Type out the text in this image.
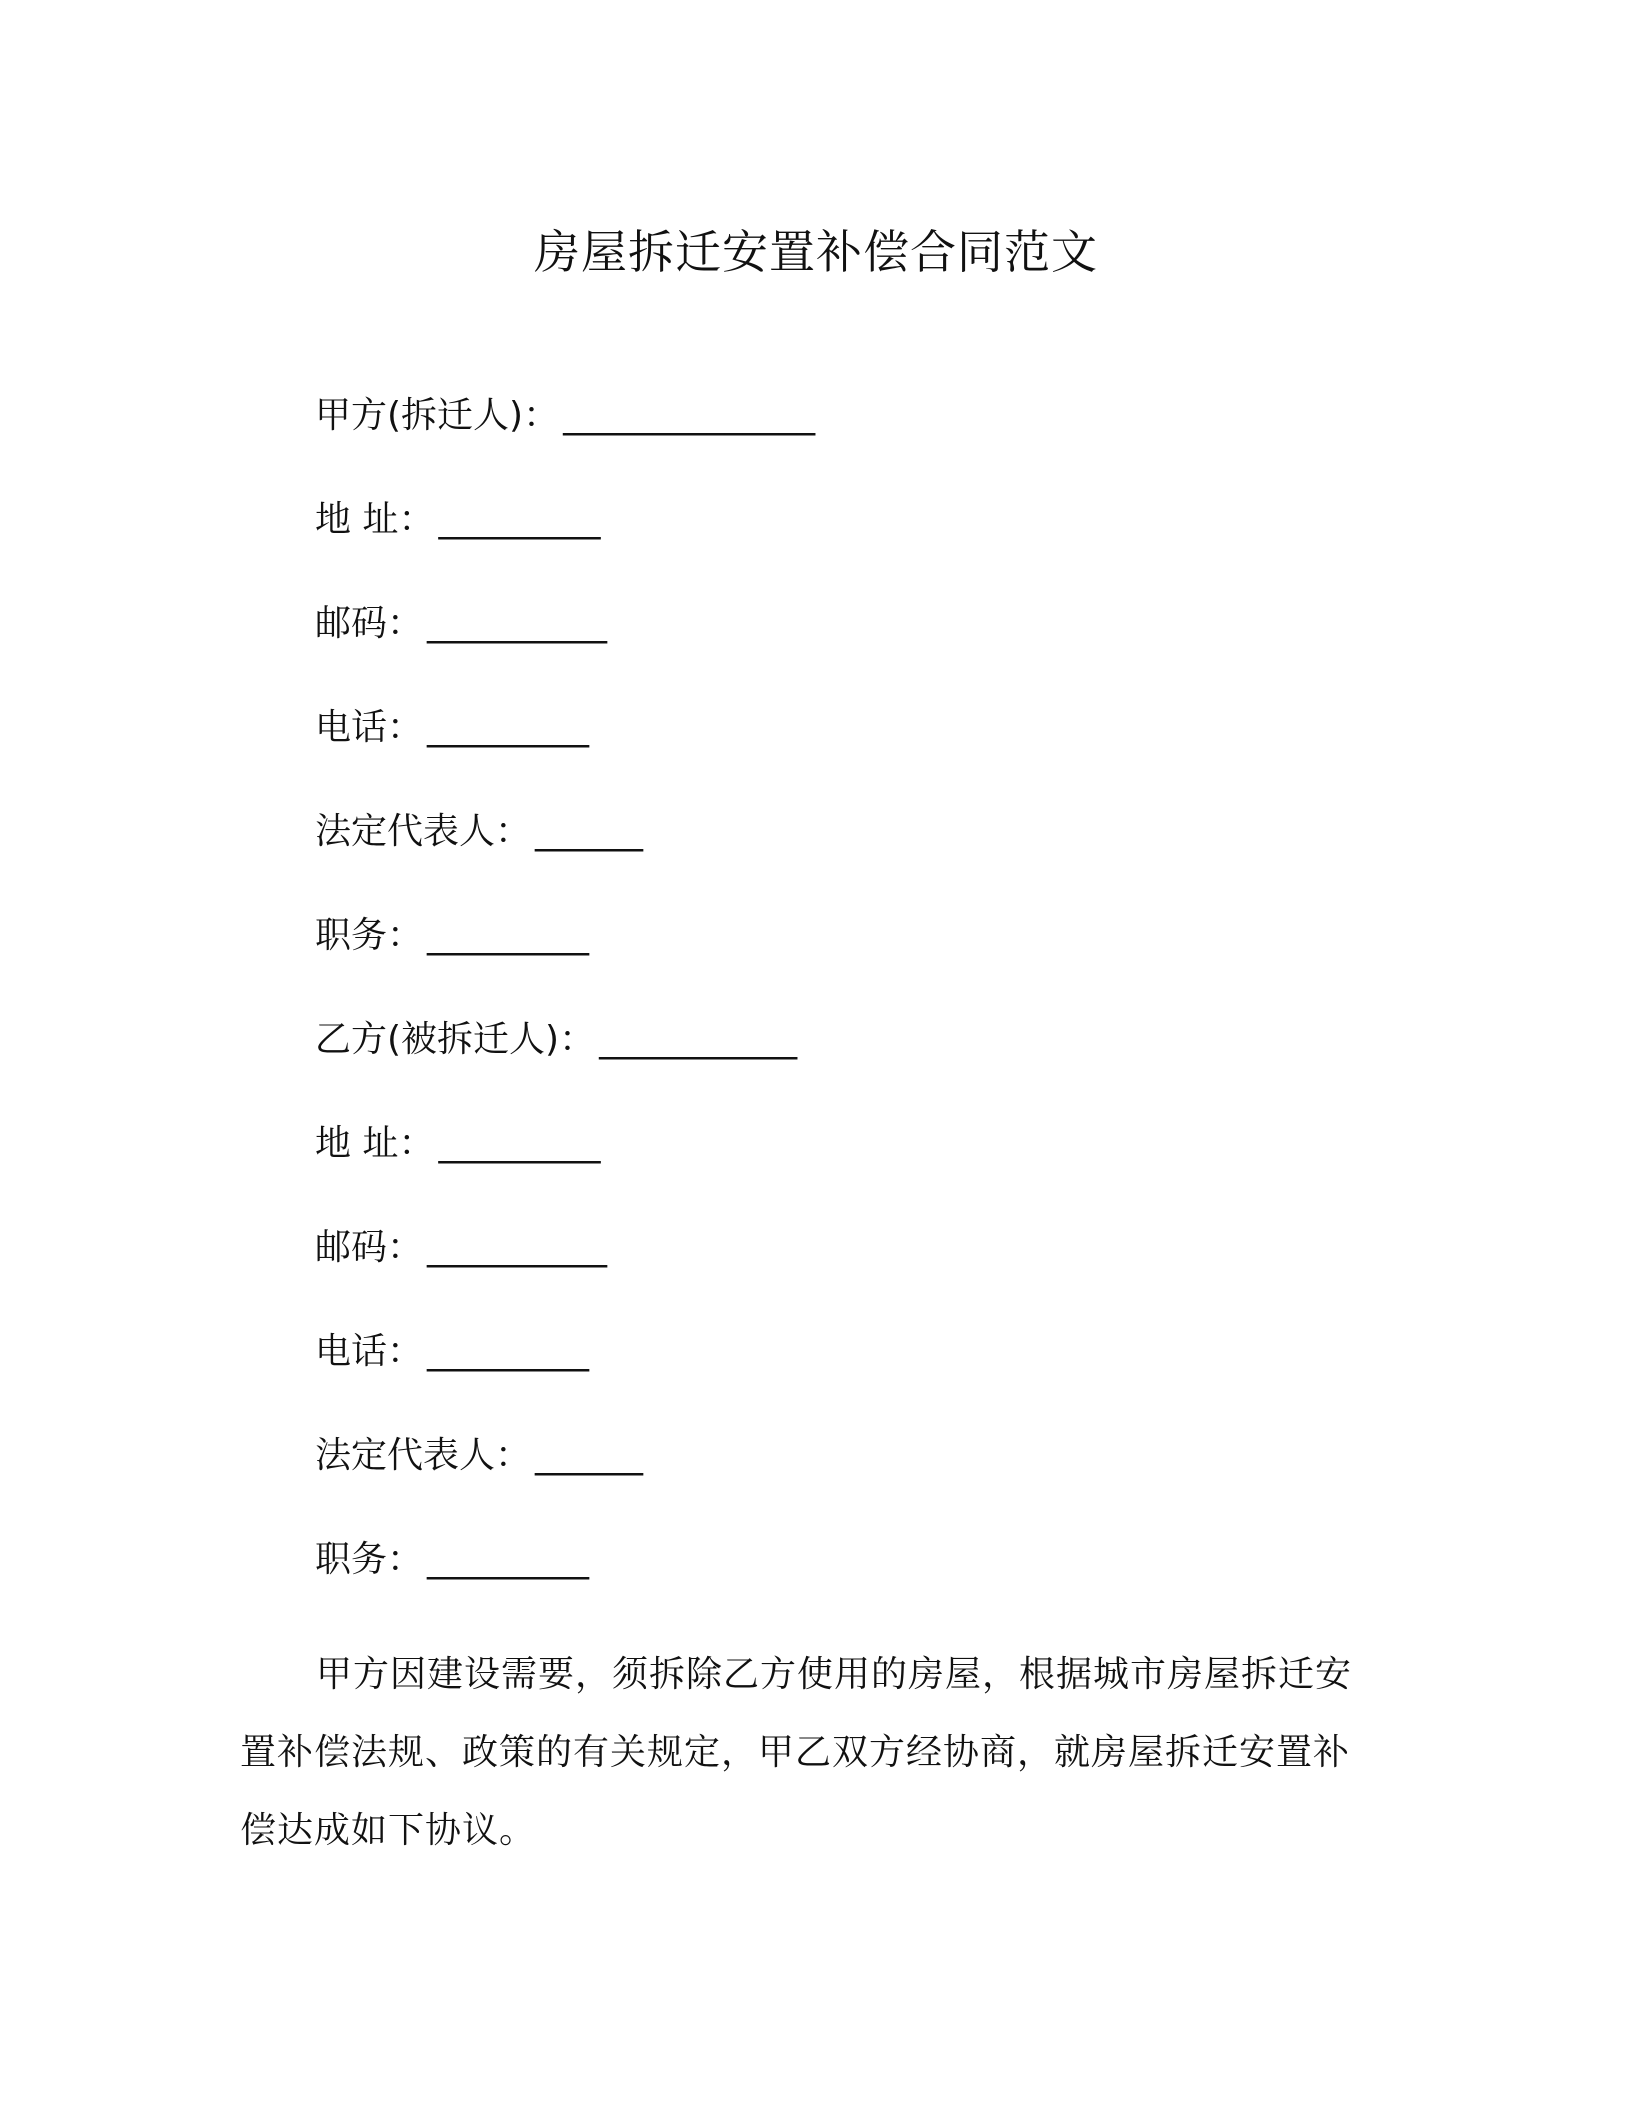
房屋拆迁安置补偿合同范文
甲方(拆迁人)： ______________
地 址： _________
邮码： __________
电话： _________
法定代表人： ______
职务： _________
乙方(被拆迁人)： ___________
地 址： _________
邮码： __________
电话： _________
法定代表人： ______
职务： _________

甲方因建设需要，须拆除乙方使用的房屋，根据城市房屋拆迁安置补偿法规、政策的有关规定，甲乙双方经协商，就房屋拆迁安置补偿达成如下协议。
